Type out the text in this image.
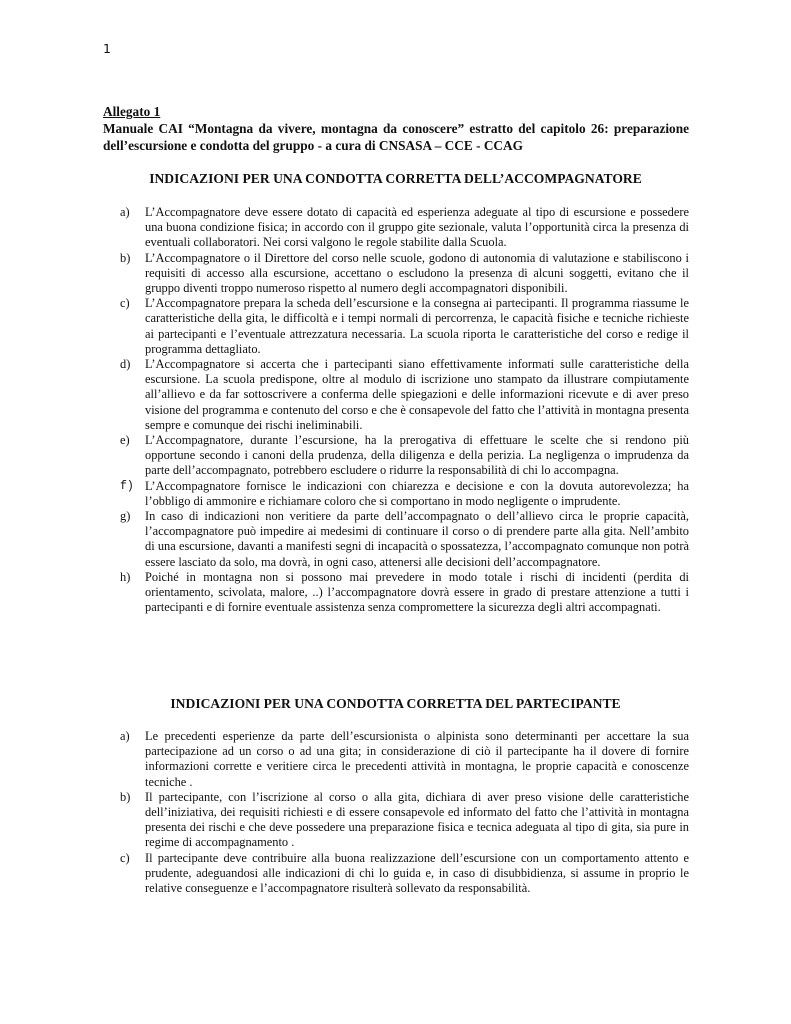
1
Allegato 1
Manuale CAI “Montagna da vivere, montagna da conoscere” estratto del capitolo 26: preparazione dell’escursione e condotta del gruppo - a cura di CNSASA – CCE - CCAG
INDICAZIONI PER UNA CONDOTTA CORRETTA DELL’ACCOMPAGNATORE
a) L’Accompagnatore deve essere dotato di capacità ed esperienza adeguate al tipo di escursione e possedere una buona condizione fisica; in accordo con il gruppo gite sezionale, valuta l’opportunità circa la presenza di eventuali collaboratori. Nei corsi valgono le regole stabilite dalla Scuola.
b) L’Accompagnatore o il Direttore del corso nelle scuole, godono di autonomia di valutazione e stabiliscono i requisiti di accesso alla escursione, accettano o escludono la presenza di alcuni soggetti, evitano che il gruppo diventi troppo numeroso rispetto al numero degli accompagnatori disponibili.
c) L’Accompagnatore prepara la scheda dell’escursione e la consegna ai partecipanti. Il programma riassume le caratteristiche della gita, le difficoltà e i tempi normali di percorrenza, le capacità fisiche e tecniche richieste ai partecipanti e l’eventuale attrezzatura necessaria. La scuola riporta le caratteristiche del corso e redige il programma dettagliato.
d) L’Accompagnatore si accerta che i partecipanti siano effettivamente informati sulle caratteristiche della escursione. La scuola predispone, oltre al modulo di iscrizione uno stampato da illustrare compiutamente all’allievo e da far sottoscrivere a conferma delle spiegazioni e delle informazioni ricevute e di aver preso visione del programma e contenuto del corso e che è consapevole del fatto che l’attività in montagna presenta sempre e comunque dei rischi ineliminabili.
e) L’Accompagnatore, durante l’escursione, ha la prerogativa di effettuare le scelte che si rendono più opportune secondo i canoni della prudenza, della diligenza e della perizia. La negligenza o imprudenza da parte dell’accompagnato, potrebbero escludere o ridurre la responsabilità di chi lo accompagna.
f) L’Accompagnatore fornisce le indicazioni con chiarezza e decisione e con la dovuta autorevolezza; ha l’obbligo di ammonire e richiamare coloro che si comportano in modo negligente o imprudente.
g) In caso di indicazioni non veritiere da parte dell’accompagnato o dell’allievo circa le proprie capacità, l’accompagnatore può impedire ai medesimi di continuare il corso o di prendere parte alla gita. Nell’ambito di una escursione, davanti a manifesti segni di incapacità o spossatezza, l’accompagnato comunque non potrà essere lasciato da solo, ma dovrà, in ogni caso, attenersi alle decisioni dell’accompagnatore.
h) Poiché in montagna non si possono mai prevedere in modo totale i rischi di incidenti (perdita di orientamento, scivolata, malore, ..) l’accompagnatore dovrà essere in grado di prestare attenzione a tutti i partecipanti e di fornire eventuale assistenza senza compromettere la sicurezza degli altri accompagnati.
INDICAZIONI PER UNA CONDOTTA CORRETTA DEL PARTECIPANTE
a) Le precedenti esperienze da parte dell’escursionista o alpinista sono determinanti per accettare la sua partecipazione ad un corso o ad una gita; in considerazione di ciò il partecipante ha il dovere di fornire informazioni corrette e veritiere circa le precedenti attività in montagna, le proprie capacità e conoscenze tecniche .
b) Il partecipante, con l’iscrizione al corso o alla gita, dichiara di aver preso visione delle caratteristiche dell’iniziativa, dei requisiti richiesti e di essere consapevole ed informato del fatto che l’attività in montagna presenta dei rischi e che deve possedere una preparazione fisica e tecnica adeguata al tipo di gita, sia pure in regime di accompagnamento .
c) Il partecipante deve contribuire alla buona realizzazione dell’escursione con un comportamento attento e prudente, adeguandosi alle indicazioni di chi lo guida e, in caso di disubbidienza, si assume in proprio le relative conseguenze e l’accompagnatore risulterà sollevato da responsabilità.
